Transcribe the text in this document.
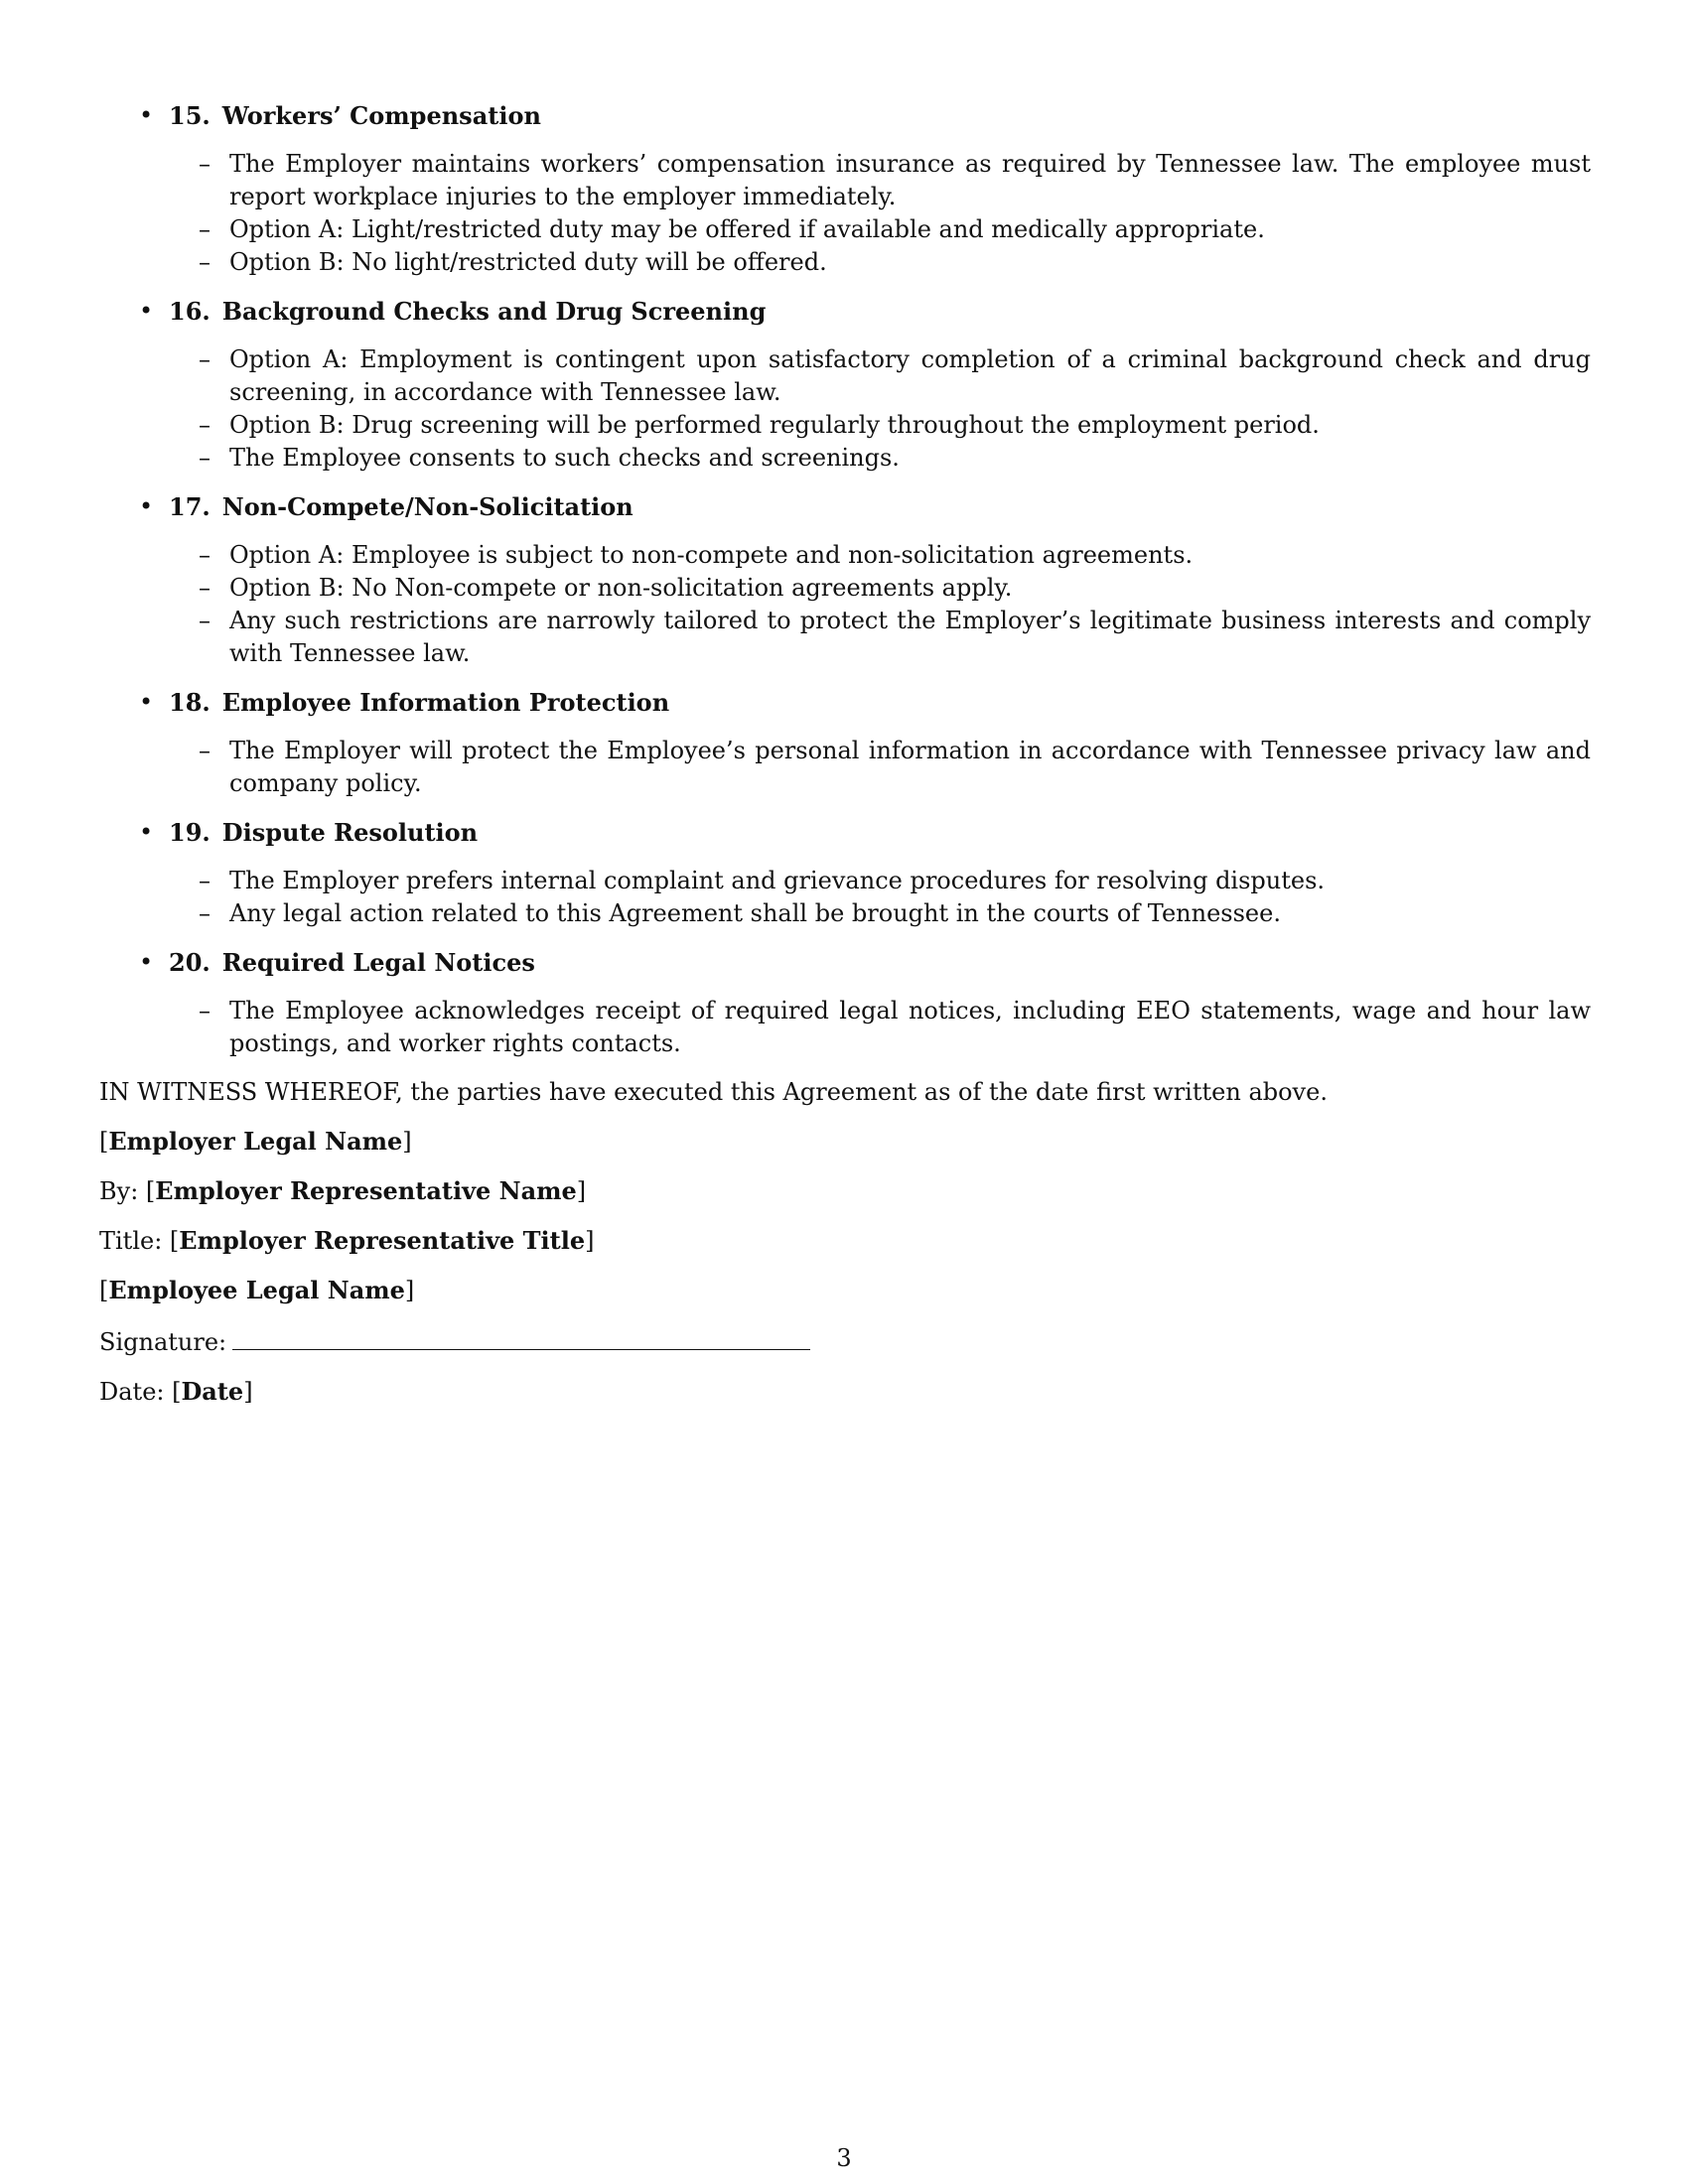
• 15. Workers’ Compensation
– The Employer maintains workers’ compensation insurance as required by Tennessee law. The employee must report workplace injuries to the employer immediately.
– Option A: Light/restricted duty may be offered if available and medically appropriate.
– Option B: No light/restricted duty will be offered.
• 16. Background Checks and Drug Screening
– Option A: Employment is contingent upon satisfactory completion of a criminal background check and drug screening, in accordance with Tennessee law.
– Option B: Drug screening will be performed regularly throughout the employment period.
– The Employee consents to such checks and screenings.
• 17. Non-Compete/Non-Solicitation
– Option A: Employee is subject to non-compete and non-solicitation agreements.
– Option B: No Non-compete or non-solicitation agreements apply.
– Any such restrictions are narrowly tailored to protect the Employer’s legitimate business interests and comply with Tennessee law.
• 18. Employee Information Protection
– The Employer will protect the Employee’s personal information in accordance with Tennessee privacy law and company policy.
• 19. Dispute Resolution
– The Employer prefers internal complaint and grievance procedures for resolving disputes.
– Any legal action related to this Agreement shall be brought in the courts of Tennessee.
• 20. Required Legal Notices
– The Employee acknowledges receipt of required legal notices, including EEO statements, wage and hour law postings, and worker rights contacts.

IN WITNESS WHEREOF, the parties have executed this Agreement as of the date first written above.

[Employer Legal Name]

By: [Employer Representative Name]

Title: [Employer Representative Title]

[Employee Legal Name]

Signature:

Date: [Date]

3
